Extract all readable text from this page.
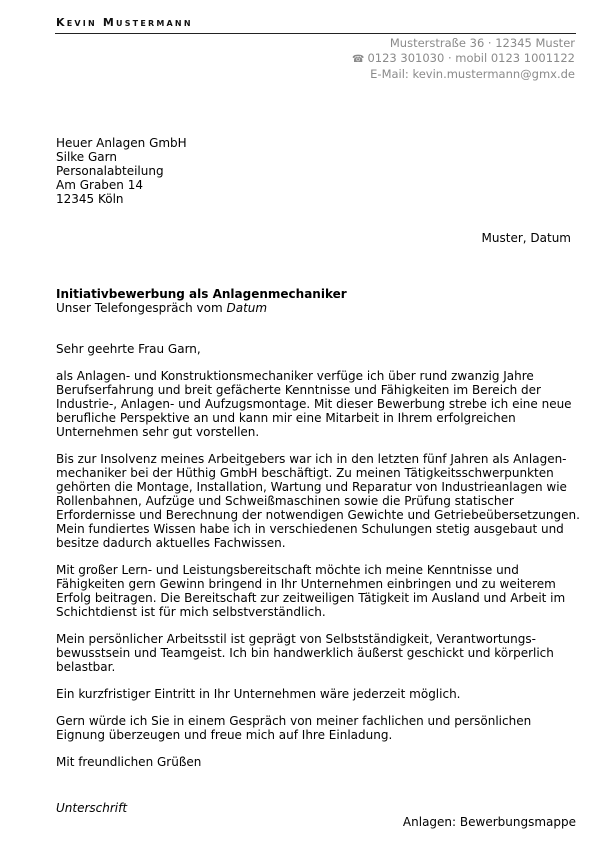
Kevin Mustermann
Musterstraße 36 · 12345 Muster
☎ 0123 301030 · mobil 0123 1001122
E-Mail: kevin.mustermann@gmx.de
Heuer Anlagen GmbH
Silke Garn
Personalabteilung
Am Graben 14
12345 Köln
Muster, Datum
Initiativbewerbung als Anlagenmechaniker
Unser Telefongespräch vom Datum

Sehr geehrte Frau Garn,

als Anlagen- und Konstruktionsmechaniker verfüge ich über rund zwanzig Jahre Berufserfahrung und breit gefächerte Kenntnisse und Fähigkeiten im Bereich der Industrie-, Anlagen- und Aufzugsmontage. Mit dieser Bewerbung strebe ich eine neue berufliche Perspektive an und kann mir eine Mitarbeit in Ihrem erfolgreichen Unternehmen sehr gut vorstellen.

Bis zur Insolvenz meines Arbeitgebers war ich in den letzten fünf Jahren als Anlagen-mechaniker bei der Hüthig GmbH beschäftigt. Zu meinen Tätigkeitsschwerpunkten gehörten die Montage, Installation, Wartung und Reparatur von Industrieanlagen wie Rollenbahnen, Aufzüge und Schweißmaschinen sowie die Prüfung statischer Erfordernisse und Berechnung der notwendigen Gewichte und Getriebeübersetzungen. Mein fundiertes Wissen habe ich in verschiedenen Schulungen stetig ausgebaut und besitze dadurch aktuelles Fachwissen.

Mit großer Lern- und Leistungsbereitschaft möchte ich meine Kenntnisse und Fähigkeiten gern Gewinn bringend in Ihr Unternehmen einbringen und zu weiterem Erfolg beitragen. Die Bereitschaft zur zeitweiligen Tätigkeit im Ausland und Arbeit im Schichtdienst ist für mich selbstverständlich.

Mein persönlicher Arbeitsstil ist geprägt von Selbstständigkeit, Verantwortungs-bewusstsein und Teamgeist. Ich bin handwerklich äußerst geschickt und körperlich belastbar.

Ein kurzfristiger Eintritt in Ihr Unternehmen wäre jederzeit möglich.

Gern würde ich Sie in einem Gespräch von meiner fachlichen und persönlichen Eignung überzeugen und freue mich auf Ihre Einladung.

Mit freundlichen Grüßen

Unterschrift
Anlagen: Bewerbungsmappe
